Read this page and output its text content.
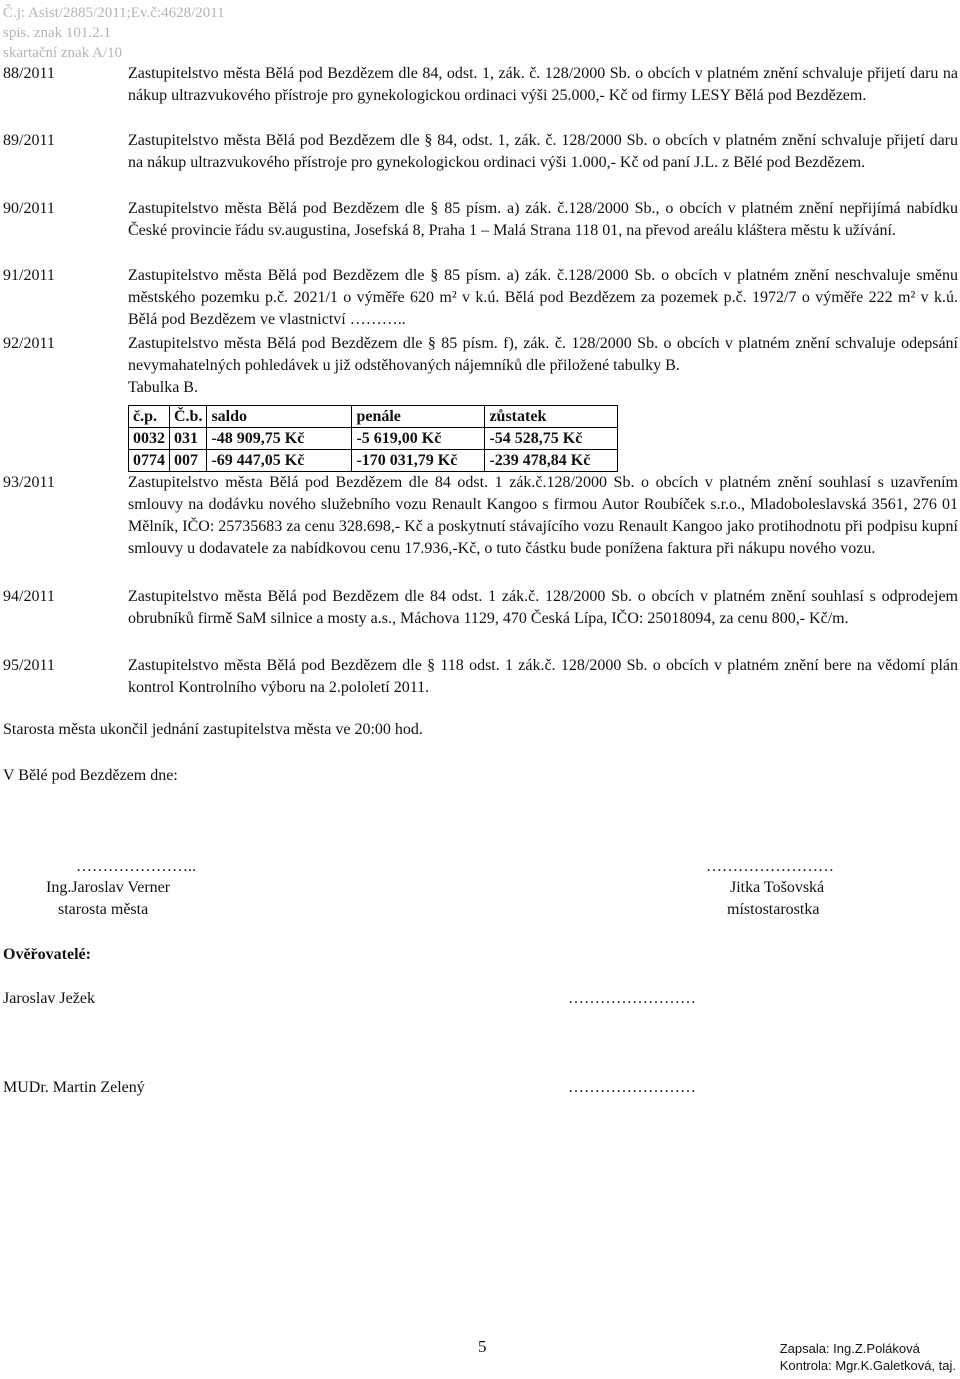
Č.j: Asist/2885/2011;Ev.č:4628/2011
spis. znak 101.2.1
skartační znak A/10
88/2011	Zastupitelstvo města Bělá pod Bezdězem dle 84, odst. 1, zák. č. 128/2000 Sb. o obcích v platném znění schvaluje přijetí daru na nákup ultrazvukového přístroje pro gynekologickou ordinaci výši 25.000,- Kč od firmy LESY Bělá pod Bezdězem.

89/2011	Zastupitelstvo města Bělá pod Bezdězem dle § 84, odst. 1, zák. č. 128/2000 Sb. o obcích v platném znění schvaluje přijetí daru na nákup ultrazvukového přístroje pro gynekologickou ordinaci výši 1.000,- Kč od paní J.L. z Bělé pod Bezdězem.

90/2011	Zastupitelstvo města Bělá pod Bezdězem dle § 85 písm. a) zák. č.128/2000 Sb., o obcích v platném znění nepřijímá nabídku České provincie řádu sv.augustina, Josefská 8, Praha 1 – Malá Strana 118 01, na převod areálu kláštera městu k užívání.

91/2011	Zastupitelstvo města Bělá pod Bezdězem dle § 85 písm. a) zák. č.128/2000 Sb. o obcích v platném znění neschvaluje směnu městského pozemku p.č. 2021/1 o výměře 620 m² v k.ú. Bělá pod Bezdězem za pozemek p.č. 1972/7 o výměře 222 m² v k.ú. Bělá pod Bezdězem ve vlastnictví ………..

92/2011	Zastupitelstvo města Bělá pod Bezdězem dle § 85 písm. f), zák. č. 128/2000 Sb. o obcích v platném znění schvaluje odepsání nevymahatelných pohledávek u již odstěhovaných nájemníků dle přiložené tabulky B.

Tabulka B.

č.p.	Č.b.	saldo	penále	zůstatek
0032	031	-48 909,75 Kč	-5 619,00 Kč	-54 528,75 Kč
0774	007	-69 447,05 Kč	-170 031,79 Kč	-239 478,84 Kč
93/2011	Zastupitelstvo města Bělá pod Bezdězem dle 84 odst. 1 zák.č.128/2000 Sb. o obcích v platném znění souhlasí s uzavřením smlouvy na dodávku nového služebního vozu Renault Kangoo s firmou Autor Roubíček s.r.o., Mladoboleslavská 3561, 276 01 Mělník, IČO: 25735683 za cenu 328.698,- Kč a poskytnutí stávajícího vozu Renault Kangoo jako protihodnotu při podpisu kupní smlouvy u dodavatele za nabídkovou cenu 17.936,-Kč, o tuto částku bude ponížena faktura při nákupu nového vozu.

94/2011	Zastupitelstvo města Bělá pod Bezdězem dle 84 odst. 1 zák.č. 128/2000 Sb. o obcích v platném znění souhlasí s odprodejem obrubníků firmě SaM silnice a mosty a.s., Máchova 1129, 470 Česká Lípa, IČO: 25018094, za cenu 800,- Kč/m.

95/2011	Zastupitelstvo města Bělá pod Bezdězem dle § 118 odst. 1 zák.č. 128/2000 Sb. o obcích v platném znění bere na vědomí plán kontrol Kontrolního výboru na 2.pololetí 2011.

Starosta města ukončil jednání zastupitelstva města ve 20:00 hod.
V Bělé pod Bezdězem dne:
…………………..
Ing.Jaroslav Verner
starosta města
……………………
Jitka Tošovská
místostarostka
Ověřovatelé:
Jaroslav Ježek	……………………
MUDr. Martin Zelený	……………………
5	Zapsala: Ing.Z.Poláková
Kontrola: Mgr.K.Galetková, taj.
